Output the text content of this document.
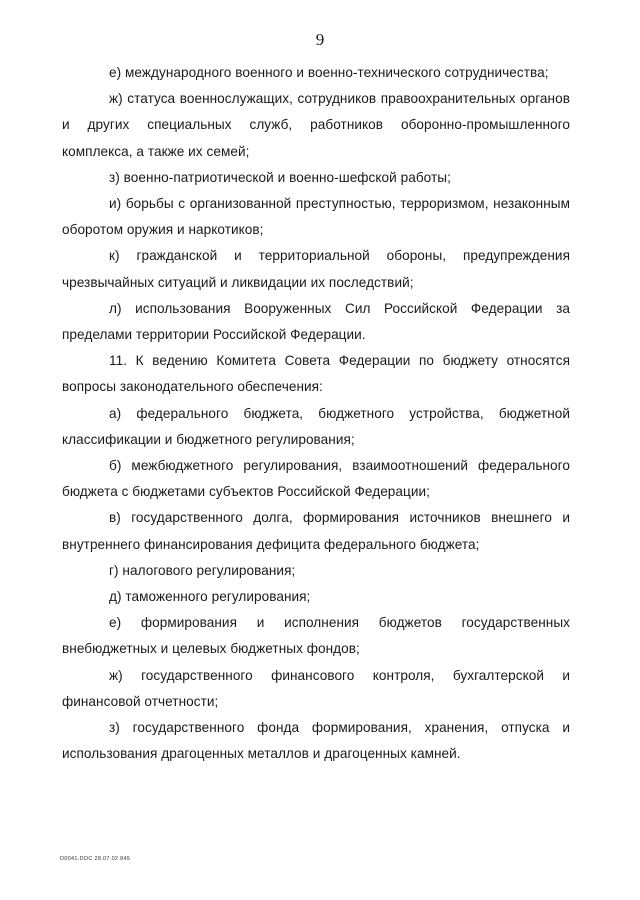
9

е) международного военного и военно-технического сотрудничества;

ж) статуса военнослужащих, сотрудников правоохранительных органов и других специальных служб, работников оборонно-промышленного комплекса, а также их семей;

з) военно-патриотической и военно-шефской работы;

и) борьбы с организованной преступностью, терроризмом, незаконным оборотом оружия и наркотиков;

к) гражданской и территориальной обороны, предупреждения чрезвычайных ситуаций и ликвидации их последствий;

л) использования Вооруженных Сил Российской Федерации за пределами территории Российской Федерации.

11. К ведению Комитета Совета Федерации по бюджету относятся вопросы законодательного обеспечения:

а) федерального бюджета, бюджетного устройства, бюджетной классификации и бюджетного регулирования;

б) межбюджетного регулирования, взаимоотношений федерального бюджета с бюджетами субъектов Российской Федерации;

в) государственного долга, формирования источников внешнего и внутреннего финансирования дефицита федерального бюджета;

г) налогового регулирования;

д) таможенного регулирования;

е) формирования и исполнения бюджетов государственных внебюджетных и целевых бюджетных фондов;

ж) государственного финансового контроля, бухгалтерской и финансовой отчетности;

з) государственного фонда формирования, хранения, отпуска и использования драгоценных металлов и драгоценных камней.

D0041.DOC 28.07.02 845
